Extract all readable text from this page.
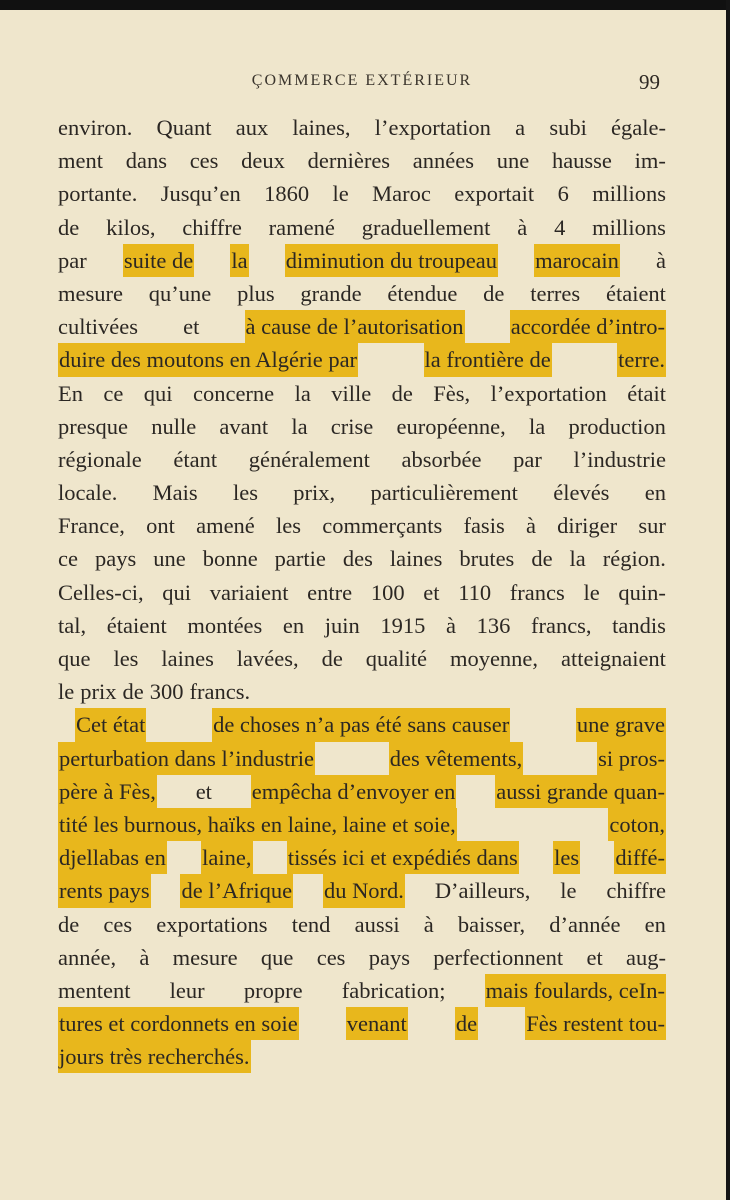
ÇOMMERCE EXTÉRIEUR	99
environ. Quant aux laines, l’exportation a subi égale-
ment dans ces deux dernières années une hausse im-
portante. Jusqu’en 1860 le Maroc exportait 6 millions
de kilos, chiffre ramené graduellement à 4 millions
par suite de la diminution du troupeau marocain à
mesure qu’une plus grande étendue de terres étaient
cultivées et à cause de l’autorisation accordée d’intro-
duire des moutons en Algérie par	la frontière de	terre.
En ce qui concerne la ville de Fès, l’exportation était
presque nulle avant la crise européenne, la production
régionale étant généralement absorbée par l’industrie
locale. Mais les prix, particulièrement élevés en
France, ont amené les commerçants fasis à diriger sur
ce pays une bonne partie des laines brutes de la région.
Celles-ci, qui variaient entre 100 et 110 francs le quin-
tal, étaient montées en juin 1915 à 136 francs, tandis
que les laines lavées, de qualité moyenne, atteignaient
le prix de 300 francs.
Cet état	de choses n’a pas été sans causer	une grave
perturbation dans l’industrie	des vêtements,	si pros-
père à Fès, et empêcha d’envoyer en aussi grande quan-
tité les burnous, haïks en laine, laine et soie,	coton,
djellabas en laine, tissés ici et expédiés dans les diffé-
rents pays de l’Afrique du Nord. D’ailleurs, le chiffre
de ces exportations tend aussi à baisser, d’année en
année, à mesure que ces pays perfectionnent et aug-
mentent leur propre fabrication; mais foulards, ceIn-
tures et cordonnets en soie venant de Fès restent tou-
jours très recherchés.
